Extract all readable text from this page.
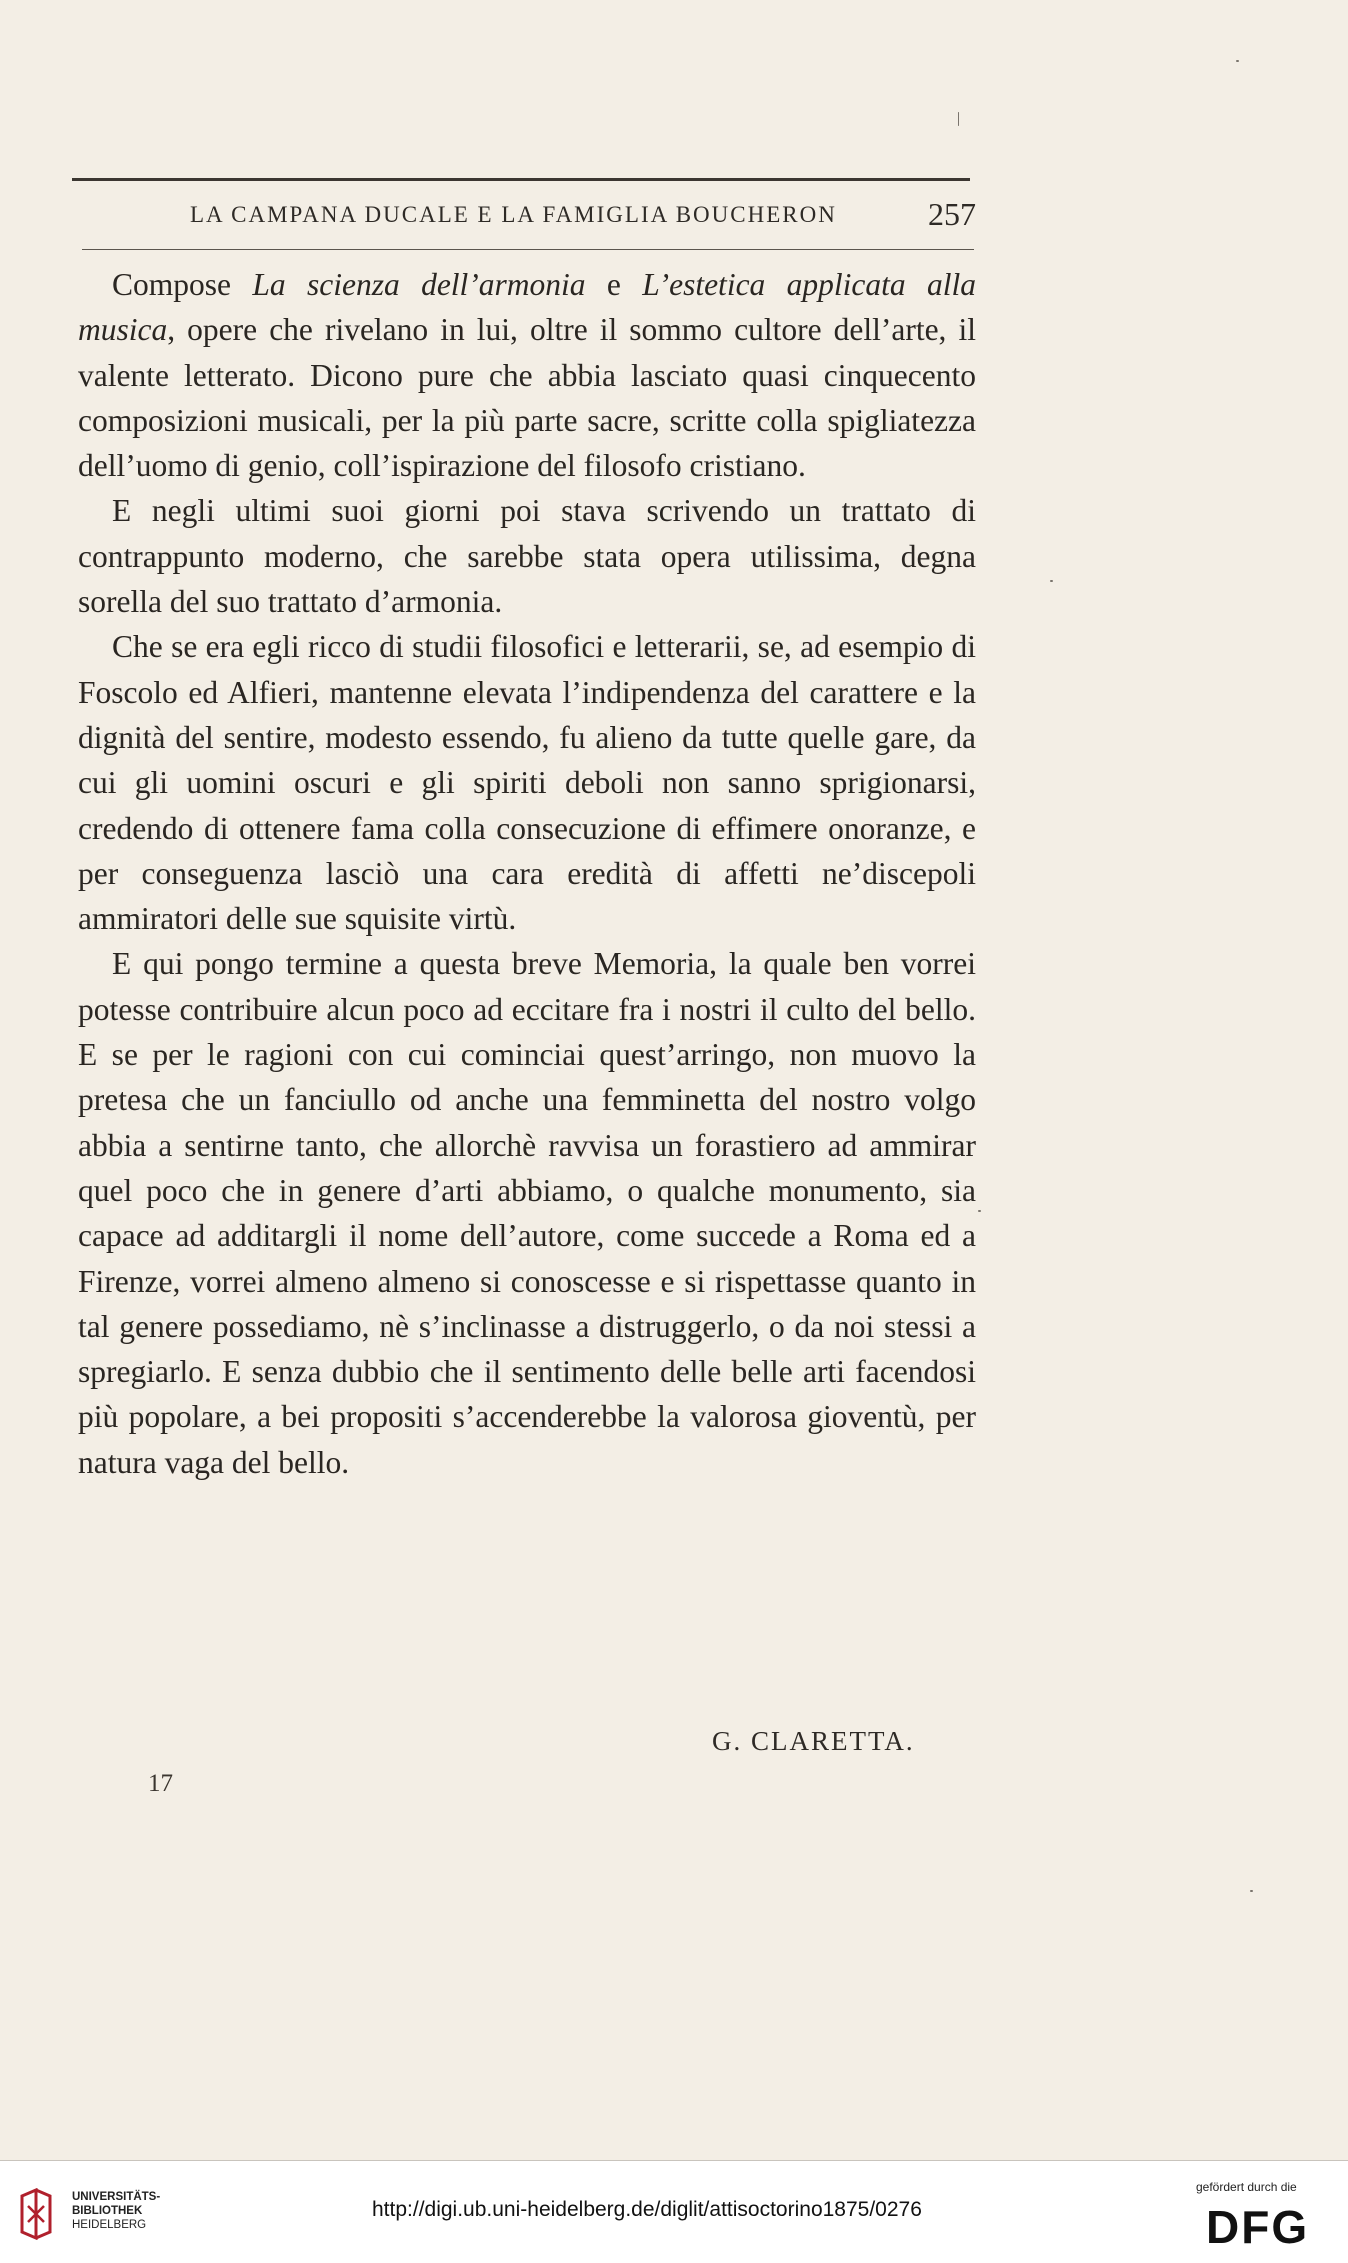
LA CAMPANA DUCALE E LA FAMIGLIA BOUCHERON	257

Compose La scienza dell’armonia e L’estetica applicata alla musica, opere che rivelano in lui, oltre il sommo cultore dell’arte, il valente letterato. Dicono pure che abbia lasciato quasi cinquecento composizioni musicali, per la più parte sacre, scritte colla spigliatezza dell’uomo di genio, coll’ispirazione del filosofo cristiano.

E negli ultimi suoi giorni poi stava scrivendo un trattato di contrappunto moderno, che sarebbe stata opera utilissima, degna sorella del suo trattato d’armonia.

Che se era egli ricco di studii filosofici e letterarii, se, ad esempio di Foscolo ed Alfieri, mantenne elevata l’indipendenza del carattere e la dignità del sentire, modesto essendo, fu alieno da tutte quelle gare, da cui gli uomini oscuri e gli spiriti deboli non sanno sprigionarsi, credendo di ottenere fama colla consecuzione di effimere onoranze, e per conseguenza lasciò una cara eredità di affetti ne’discepoli ammiratori delle sue squisite virtù.

E qui pongo termine a questa breve Memoria, la quale ben vorrei potesse contribuire alcun poco ad eccitare fra i nostri il culto del bello. E se per le ragioni con cui cominciai quest’arringo, non muovo la pretesa che un fanciullo od anche una femminetta del nostro volgo abbia a sentirne tanto, che allorchè ravvisa un forastiero ad ammirar quel poco che in genere d’arti abbiamo, o qualche monumento, sia capace ad additargli il nome dell’autore, come succede a Roma ed a Firenze, vorrei almeno almeno si conoscesse e si rispettasse quanto in tal genere possediamo, nè s’inclinasse a distruggerlo, o da noi stessi a spregiarlo. E senza dubbio che il sentimento delle belle arti facendosi più popolare, a bei propositi s’accenderebbe la valorosa gioventù, per natura vaga del bello.

G. CLARETTA.
17
UNIVERSITÄTS-
BIBLIOTHEK
HEIDELBERG
http://digi.ub.uni-heidelberg.de/diglit/attisoctorino1875/0276
gefördert durch die
DFG
